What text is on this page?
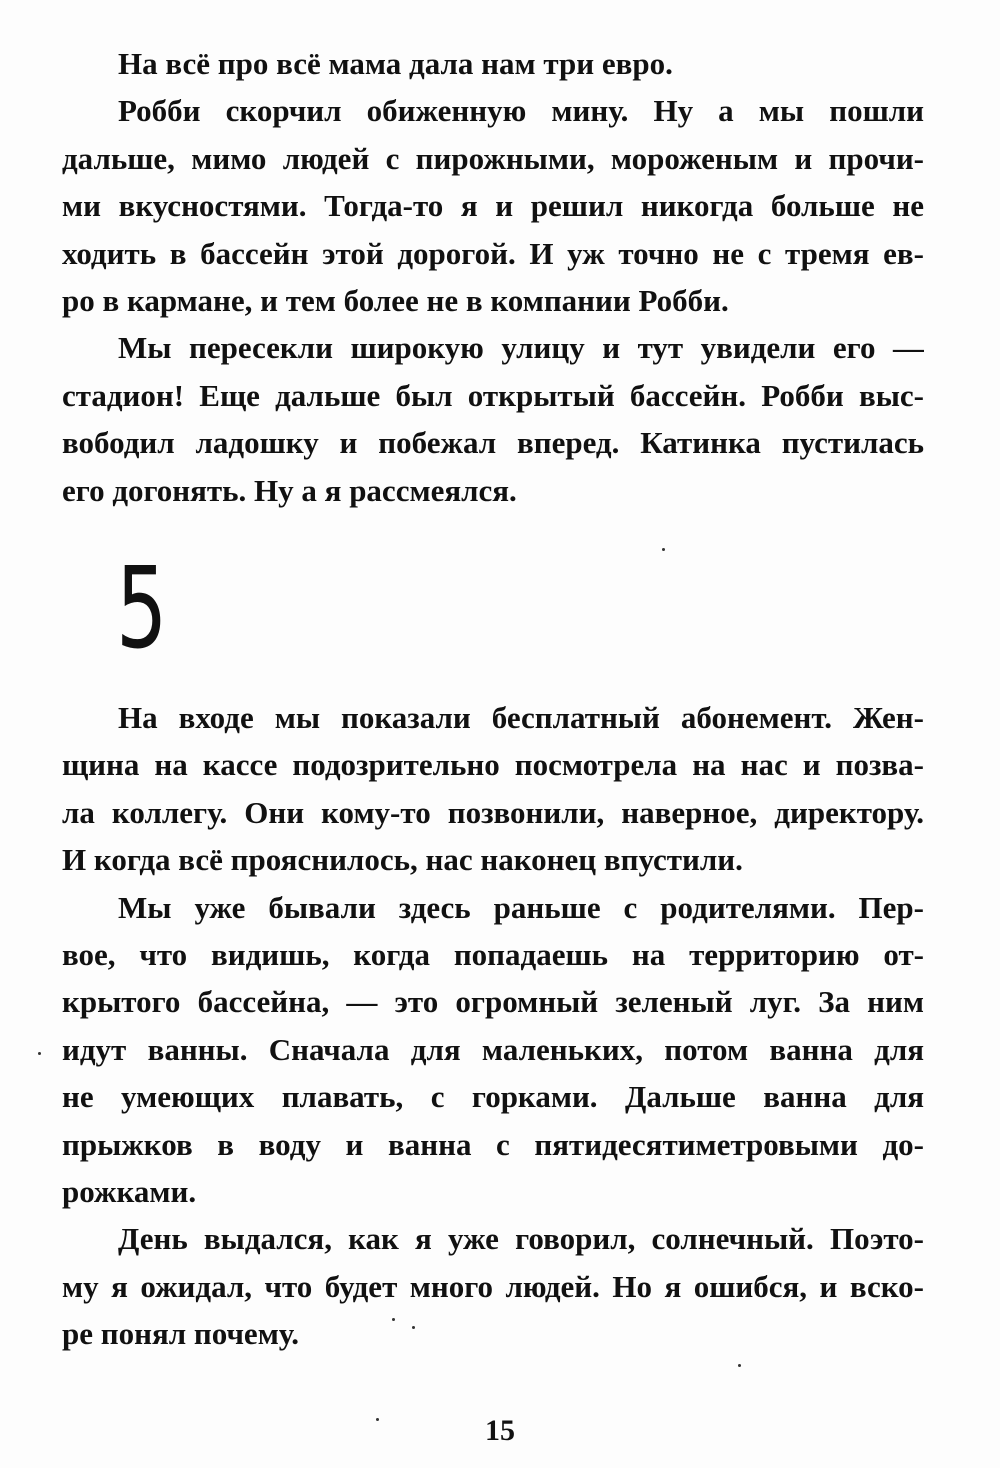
На всё про всё мама дала нам три евро.
Робби скорчил обиженную мину. Ну а мы пошли
дальше, мимо людей с пирожными, мороженым и прочи-
ми вкусностями. Тогда-то я и решил никогда больше не
ходить в бассейн этой дорогой. И уж точно не с тремя ев-
ро в кармане, и тем более не в компании Робби.
Мы пересекли широкую улицу и тут увидели его —
стадион! Еще дальше был открытый бассейн. Робби выс-
вободил ладошку и побежал вперед. Катинка пустилась
его догонять. Ну а я рассмеялся.
5
На входе мы показали бесплатный абонемент. Жен-
щина на кассе подозрительно посмотрела на нас и позва-
ла коллегу. Они кому-то позвонили, наверное, директору.
И когда всё прояснилось, нас наконец впустили.
Мы уже бывали здесь раньше с родителями. Пер-
вое, что видишь, когда попадаешь на территорию от-
крытого бассейна, — это огромный зеленый луг. За ним
идут ванны. Сначала для маленьких, потом ванна для
не умеющих плавать, с горками. Дальше ванна для
прыжков в воду и ванна с пятидесятиметровыми до-
рожками.
День выдался, как я уже говорил, солнечный. Поэто-
му я ожидал, что будет много людей. Но я ошибся, и вско-
ре понял почему.
15
